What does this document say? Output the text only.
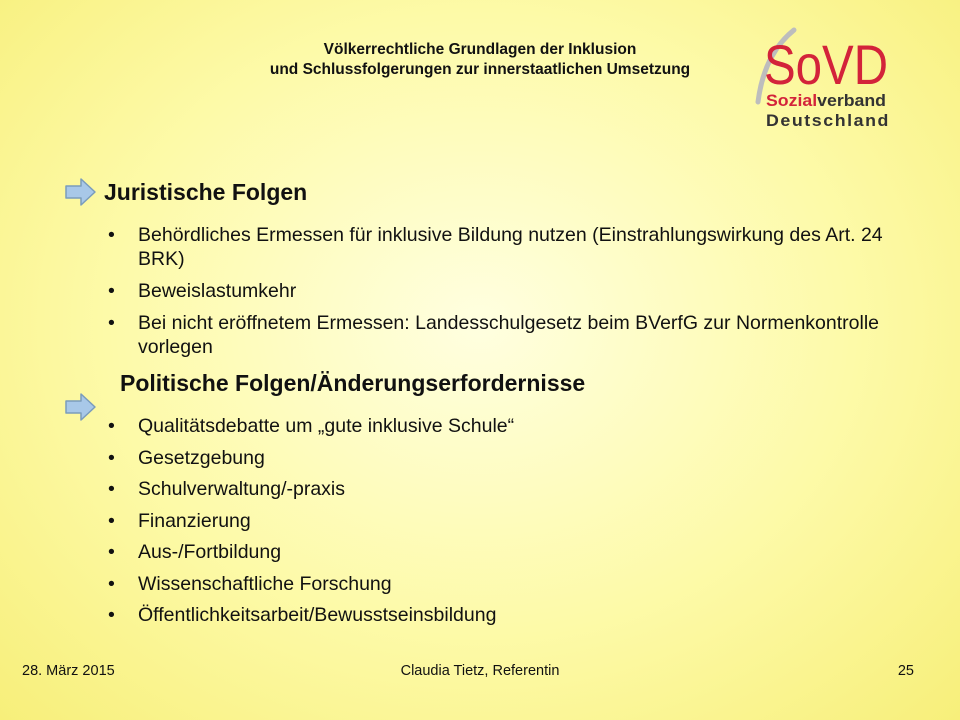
Völkerrechtliche Grundlagen der Inklusion
und Schlussfolgerungen zur innerstaatlichen Umsetzung	SoVD
Sozial verband
Deutschland
Juristische Folgen
• Behördliches Ermessen für inklusive Bildung nutzen (Einstrahlungswirkung des Art. 24 BRK)
• Beweislastumkehr
• Bei nicht eröffnetem Ermessen: Landesschulgesetz beim BVerfG zur Normenkontrolle vorlegen
Politische Folgen/Änderungserfordernisse
• Qualitätsdebatte um „gute inklusive Schule“
• Gesetzgebung
• Schulverwaltung/-praxis
• Finanzierung
• Aus-/Fortbildung
• Wissenschaftliche Forschung
• Öffentlichkeitsarbeit/Bewusstseinsbildung
28. März 2015	Claudia Tietz, Referentin	25
